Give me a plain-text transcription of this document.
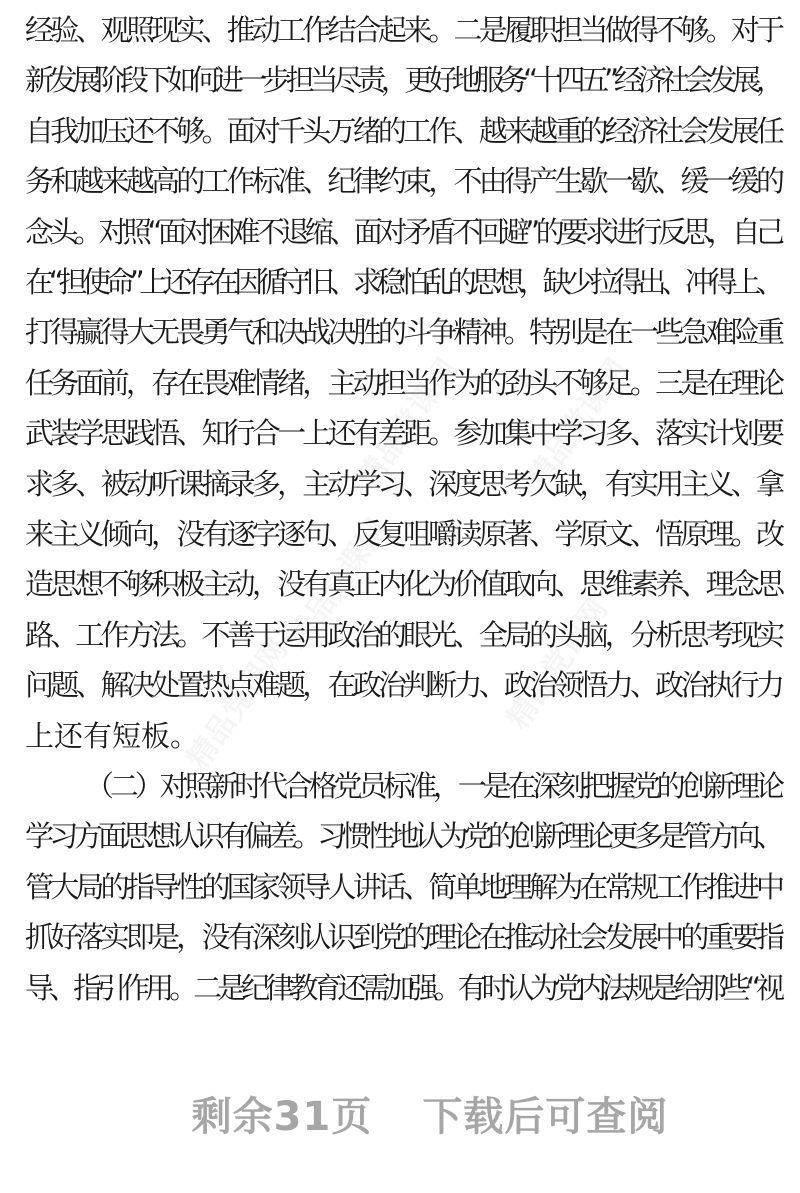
经验、观照现实、推动工作结合起来。二是履职担当做得不够。对于
新发展阶段下如何进一步担当尽责，更好地服务“十四五”经济社会发展，
自我加压还不够。面对千头万绪的工作、越来越重的经济社会发展任
务和越来越高的工作标准、纪律约束，不由得产生歇一歇、缓一缓的
念头。对照“面对困难不退缩、面对矛盾不回避”的要求进行反思，自己
在“担使命”上还存在因循守旧、求稳怕乱的思想，缺少拉得出、冲得上、
打得赢得大无畏勇气和决战决胜的斗争精神。特别是在一些急难险重
任务面前，存在畏难情绪，主动担当作为的劲头不够足。三是在理论
武装学思践悟、知行合一上还有差距。参加集中学习多、落实计划要
求多、被动听课摘录多，主动学习、深度思考欠缺，有实用主义、拿
来主义倾向，没有逐字逐句、反复咀嚼读原著、学原文、悟原理。改
造思想不够积极主动，没有真正内化为价值取向、思维素养、理念思
路、工作方法。不善于运用政治的眼光、全局的头脑，分析思考现实
问题、解决处置热点难题，在政治判断力、政治领悟力、政治执行力
上还有短板。
（二）对照新时代合格党员标准，一是在深刻把握党的创新理论
学习方面思想认识有偏差。习惯性地认为党的创新理论更多是管方向、
管大局的指导性的国家领导人讲话、简单地理解为在常规工作推进中
抓好落实即是，没有深刻认识到党的理论在推动社会发展中的重要指
导、指引作用。二是纪律教育还需加强。有时认为党内法规是给那些“视
剩余31页 下载后可查阅
